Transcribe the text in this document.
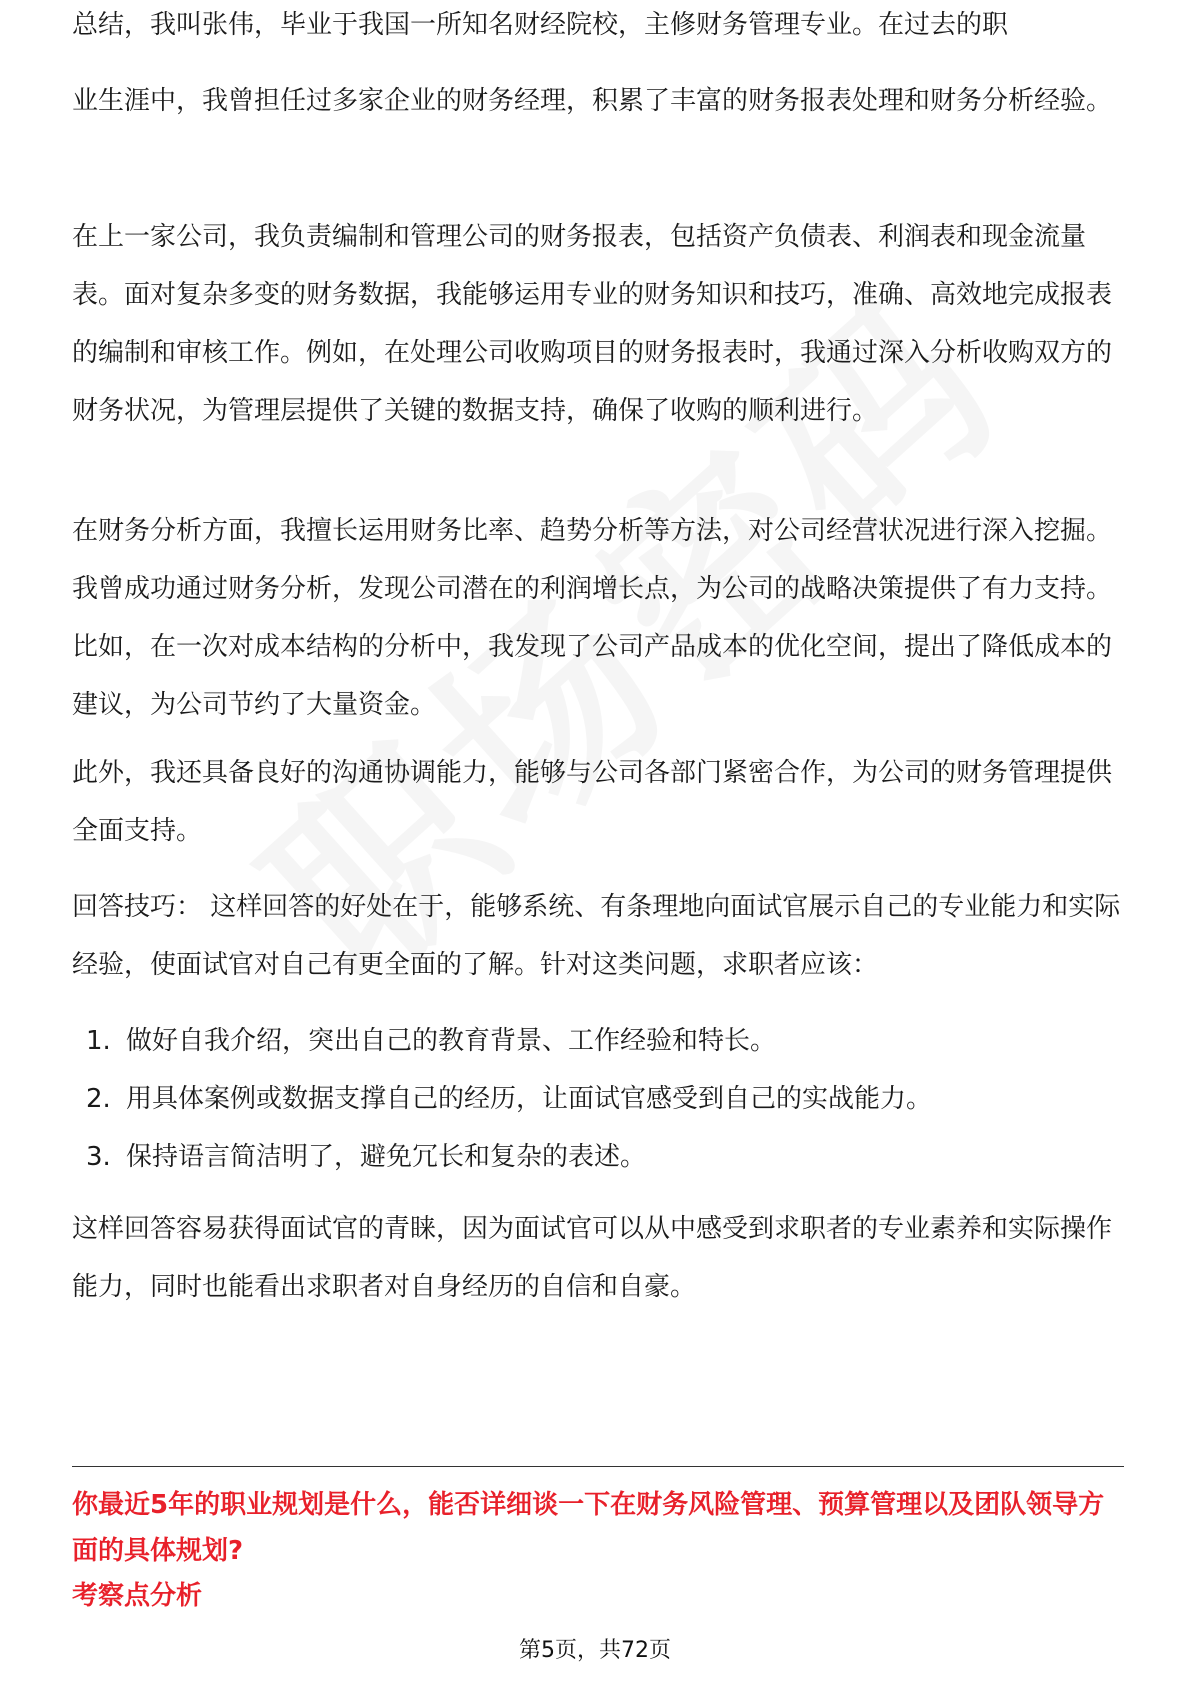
总结，我叫张伟，毕业于我国一所知名财经院校，主修财务管理专业。在过去的职

业生涯中，我曾担任过多家企业的财务经理，积累了丰富的财务报表处理和财务分析经验。

在上一家公司，我负责编制和管理公司的财务报表，包括资产负债表、利润表和现金流量表。面对复杂多变的财务数据，我能够运用专业的财务知识和技巧，准确、高效地完成报表的编制和审核工作。例如，在处理公司收购项目的财务报表时，我通过深入分析收购双方的财务状况，为管理层提供了关键的数据支持，确保了收购的顺利进行。

在财务分析方面，我擅长运用财务比率、趋势分析等方法，对公司经营状况进行深入挖掘。我曾成功通过财务分析，发现公司潜在的利润增长点，为公司的战略决策提供了有力支持。比如，在一次对成本结构的分析中，我发现了公司产品成本的优化空间，提出了降低成本的建议，为公司节约了大量资金。

此外，我还具备良好的沟通协调能力，能够与公司各部门紧密合作，为公司的财务管理提供全面支持。

回答技巧： 这样回答的好处在于，能够系统、有条理地向面试官展示自己的专业能力和实际经验，使面试官对自己有更全面的了解。针对这类问题，求职者应该：

1. 做好自我介绍，突出自己的教育背景、工作经验和特长。
2. 用具体案例或数据支撑自己的经历，让面试官感受到自己的实战能力。
3. 保持语言简洁明了，避免冗长和复杂的表述。

这样回答容易获得面试官的青睐，因为面试官可以从中感受到求职者的专业素养和实际操作能力，同时也能看出求职者对自身经历的自信和自豪。

你最近5年的职业规划是什么，能否详细谈一下在财务风险管理、预算管理以及团队领导方面的具体规划?

考察点分析

第5页，共72页
